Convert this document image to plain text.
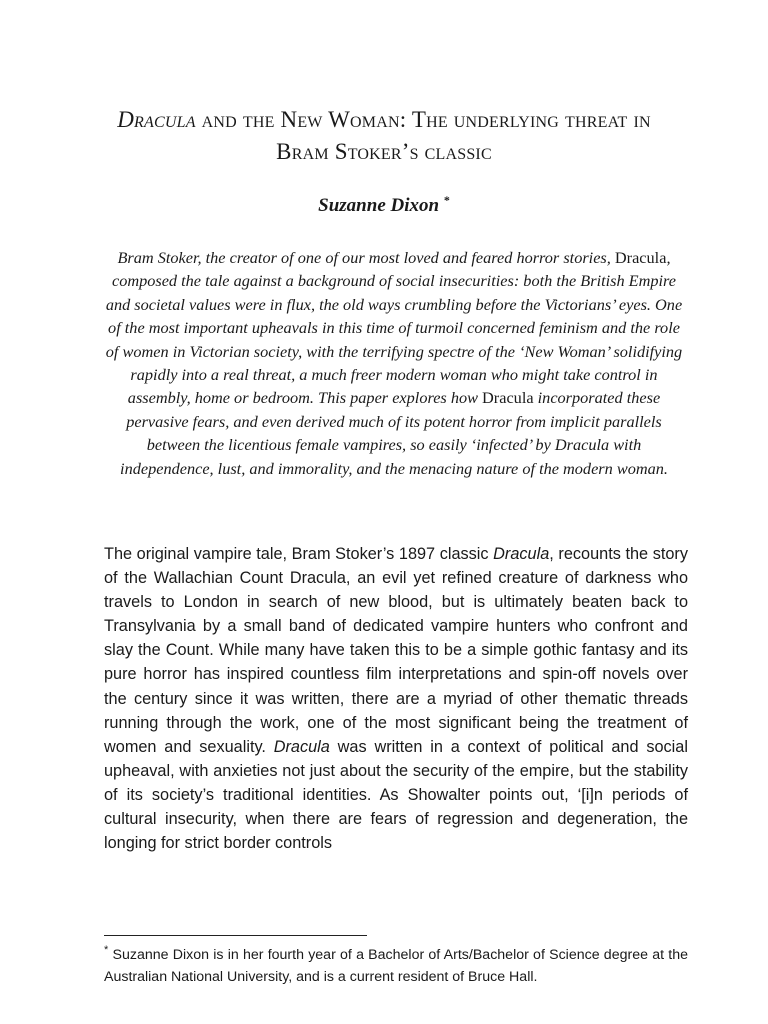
Dracula and the New Woman: The underlying threat in Bram Stoker’s classic
Suzanne Dixon *
Bram Stoker, the creator of one of our most loved and feared horror stories, Dracula, composed the tale against a background of social insecurities: both the British Empire and societal values were in flux, the old ways crumbling before the Victorians’ eyes. One of the most important upheavals in this time of turmoil concerned feminism and the role of women in Victorian society, with the terrifying spectre of the ‘New Woman’ solidifying rapidly into a real threat, a much freer modern woman who might take control in assembly, home or bedroom. This paper explores how Dracula incorporated these pervasive fears, and even derived much of its potent horror from implicit parallels between the licentious female vampires, so easily ‘infected’ by Dracula with independence, lust, and immorality, and the menacing nature of the modern woman.
The original vampire tale, Bram Stoker’s 1897 classic Dracula, recounts the story of the Wallachian Count Dracula, an evil yet refined creature of darkness who travels to London in search of new blood, but is ultimately beaten back to Transylvania by a small band of dedicated vampire hunters who confront and slay the Count. While many have taken this to be a simple gothic fantasy and its pure horror has inspired countless film interpretations and spin-off novels over the century since it was written, there are a myriad of other thematic threads running through the work, one of the most significant being the treatment of women and sexuality. Dracula was written in a context of political and social upheaval, with anxieties not just about the security of the empire, but the stability of its society’s traditional identities. As Showalter points out, ‘[i]n periods of cultural insecurity, when there are fears of regression and degeneration, the longing for strict border controls
* Suzanne Dixon is in her fourth year of a Bachelor of Arts/Bachelor of Science degree at the Australian National University, and is a current resident of Bruce Hall.
